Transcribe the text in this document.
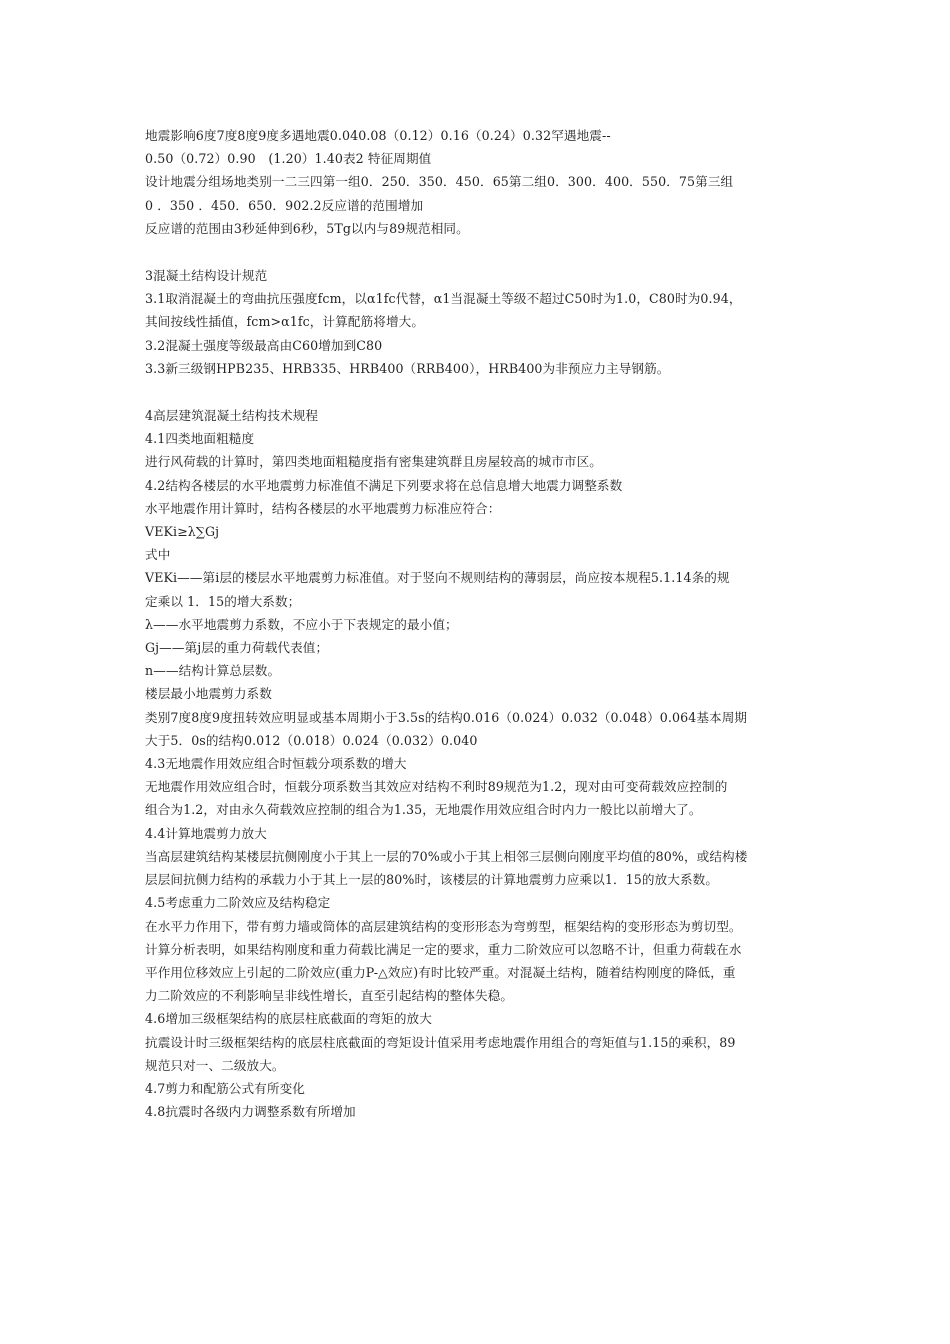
地震影响6度7度8度9度多遇地震0.040.08（0.12）0.16（0.24）0.32罕遇地震--
0.50（0.72）0.90　(1.20）1.40表2 特征周期值
设计地震分组场地类别一二三四第一组0．250．350．450．65第二组0．300．400．550．75第三组
0 ．350 ．450．650．902.2反应谱的范围增加
反应谱的范围由3秒延伸到6秒，5Tg以内与89规范相同。
3混凝土结构设计规范
3.1取消混凝土的弯曲抗压强度fcm，以α1fc代替，α1当混凝土等级不超过C50时为1.0，C80时为0.94，
其间按线性插值，fcm>α1fc，计算配筋将增大。
3.2混凝土强度等级最高由C60增加到C80
3.3新三级钢HPB235、HRB335、HRB400（RRB400），HRB400为非预应力主导钢筋。
4高层建筑混凝土结构技术规程
4.1四类地面粗糙度
进行风荷载的计算时，第四类地面粗糙度指有密集建筑群且房屋较高的城市市区。
4.2结构各楼层的水平地震剪力标准值不满足下列要求将在总信息增大地震力调整系数
水平地震作用计算时，结构各楼层的水平地震剪力标准应符合：
VEKi≥λ∑Gj
式中
VEKi——第i层的楼层水平地震剪力标准值。对于竖向不规则结构的薄弱层，尚应按本规程5.1.14条的规
定乘以 1．15的增大系数；
λ——水平地震剪力系数，不应小于下表规定的最小值；
Gj——第j层的重力荷载代表值；
n——结构计算总层数。
楼层最小地震剪力系数
类别7度8度9度扭转效应明显或基本周期小于3.5s的结构0.016（0.024）0.032（0.048）0.064基本周期
大于5．0s的结构0.012（0.018）0.024（0.032）0.040
4.3无地震作用效应组合时恒载分项系数的增大
无地震作用效应组合时，恒载分项系数当其效应对结构不利时89规范为1.2，现对由可变荷载效应控制的
组合为1.2，对由永久荷载效应控制的组合为1.35，无地震作用效应组合时内力一般比以前增大了。
4.4计算地震剪力放大
当高层建筑结构某楼层抗侧刚度小于其上一层的70%或小于其上相邻三层侧向刚度平均值的80%，或结构楼
层层间抗侧力结构的承载力小于其上一层的80%时，该楼层的计算地震剪力应乘以1．15的放大系数。
4.5考虑重力二阶效应及结构稳定
在水平力作用下，带有剪力墙或筒体的高层建筑结构的变形形态为弯剪型，框架结构的变形形态为剪切型。
计算分析表明，如果结构刚度和重力荷载比满足一定的要求，重力二阶效应可以忽略不计，但重力荷载在水
平作用位移效应上引起的二阶效应(重力P-△效应)有时比较严重。对混凝土结构，随着结构刚度的降低，重
力二阶效应的不利影响呈非线性增长，直至引起结构的整体失稳。
4.6增加三级框架结构的底层柱底截面的弯矩的放大
抗震设计时三级框架结构的底层柱底截面的弯矩设计值采用考虑地震作用组合的弯矩值与1.15的乘积，89
规范只对一、二级放大。
4.7剪力和配筋公式有所变化
4.8抗震时各级内力调整系数有所增加
